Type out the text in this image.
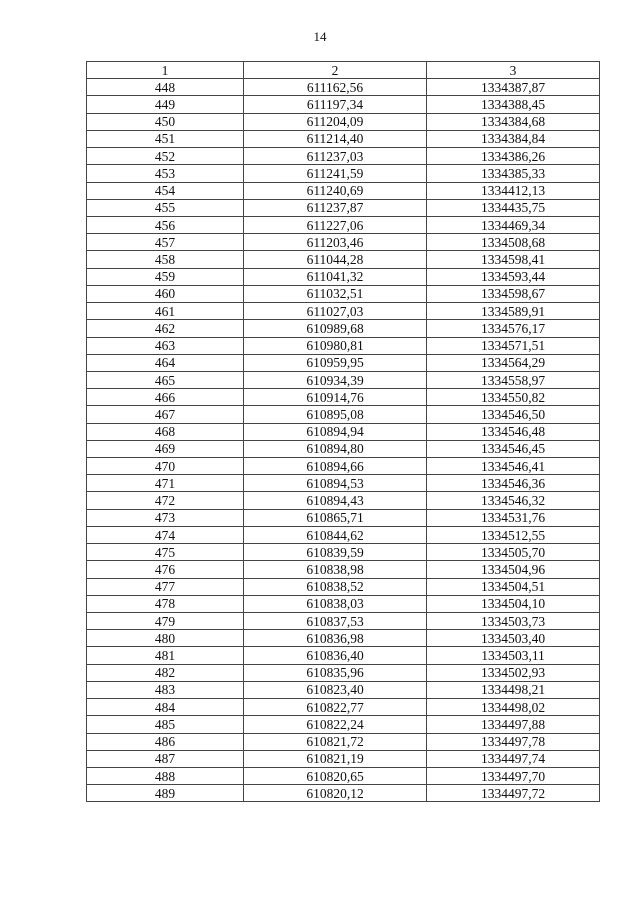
14
1	2	3
448	611162,56	1334387,87
449	611197,34	1334388,45
450	611204,09	1334384,68
451	611214,40	1334384,84
452	611237,03	1334386,26
453	611241,59	1334385,33
454	611240,69	1334412,13
455	611237,87	1334435,75
456	611227,06	1334469,34
457	611203,46	1334508,68
458	611044,28	1334598,41
459	611041,32	1334593,44
460	611032,51	1334598,67
461	611027,03	1334589,91
462	610989,68	1334576,17
463	610980,81	1334571,51
464	610959,95	1334564,29
465	610934,39	1334558,97
466	610914,76	1334550,82
467	610895,08	1334546,50
468	610894,94	1334546,48
469	610894,80	1334546,45
470	610894,66	1334546,41
471	610894,53	1334546,36
472	610894,43	1334546,32
473	610865,71	1334531,76
474	610844,62	1334512,55
475	610839,59	1334505,70
476	610838,98	1334504,96
477	610838,52	1334504,51
478	610838,03	1334504,10
479	610837,53	1334503,73
480	610836,98	1334503,40
481	610836,40	1334503,11
482	610835,96	1334502,93
483	610823,40	1334498,21
484	610822,77	1334498,02
485	610822,24	1334497,88
486	610821,72	1334497,78
487	610821,19	1334497,74
488	610820,65	1334497,70
489	610820,12	1334497,72
